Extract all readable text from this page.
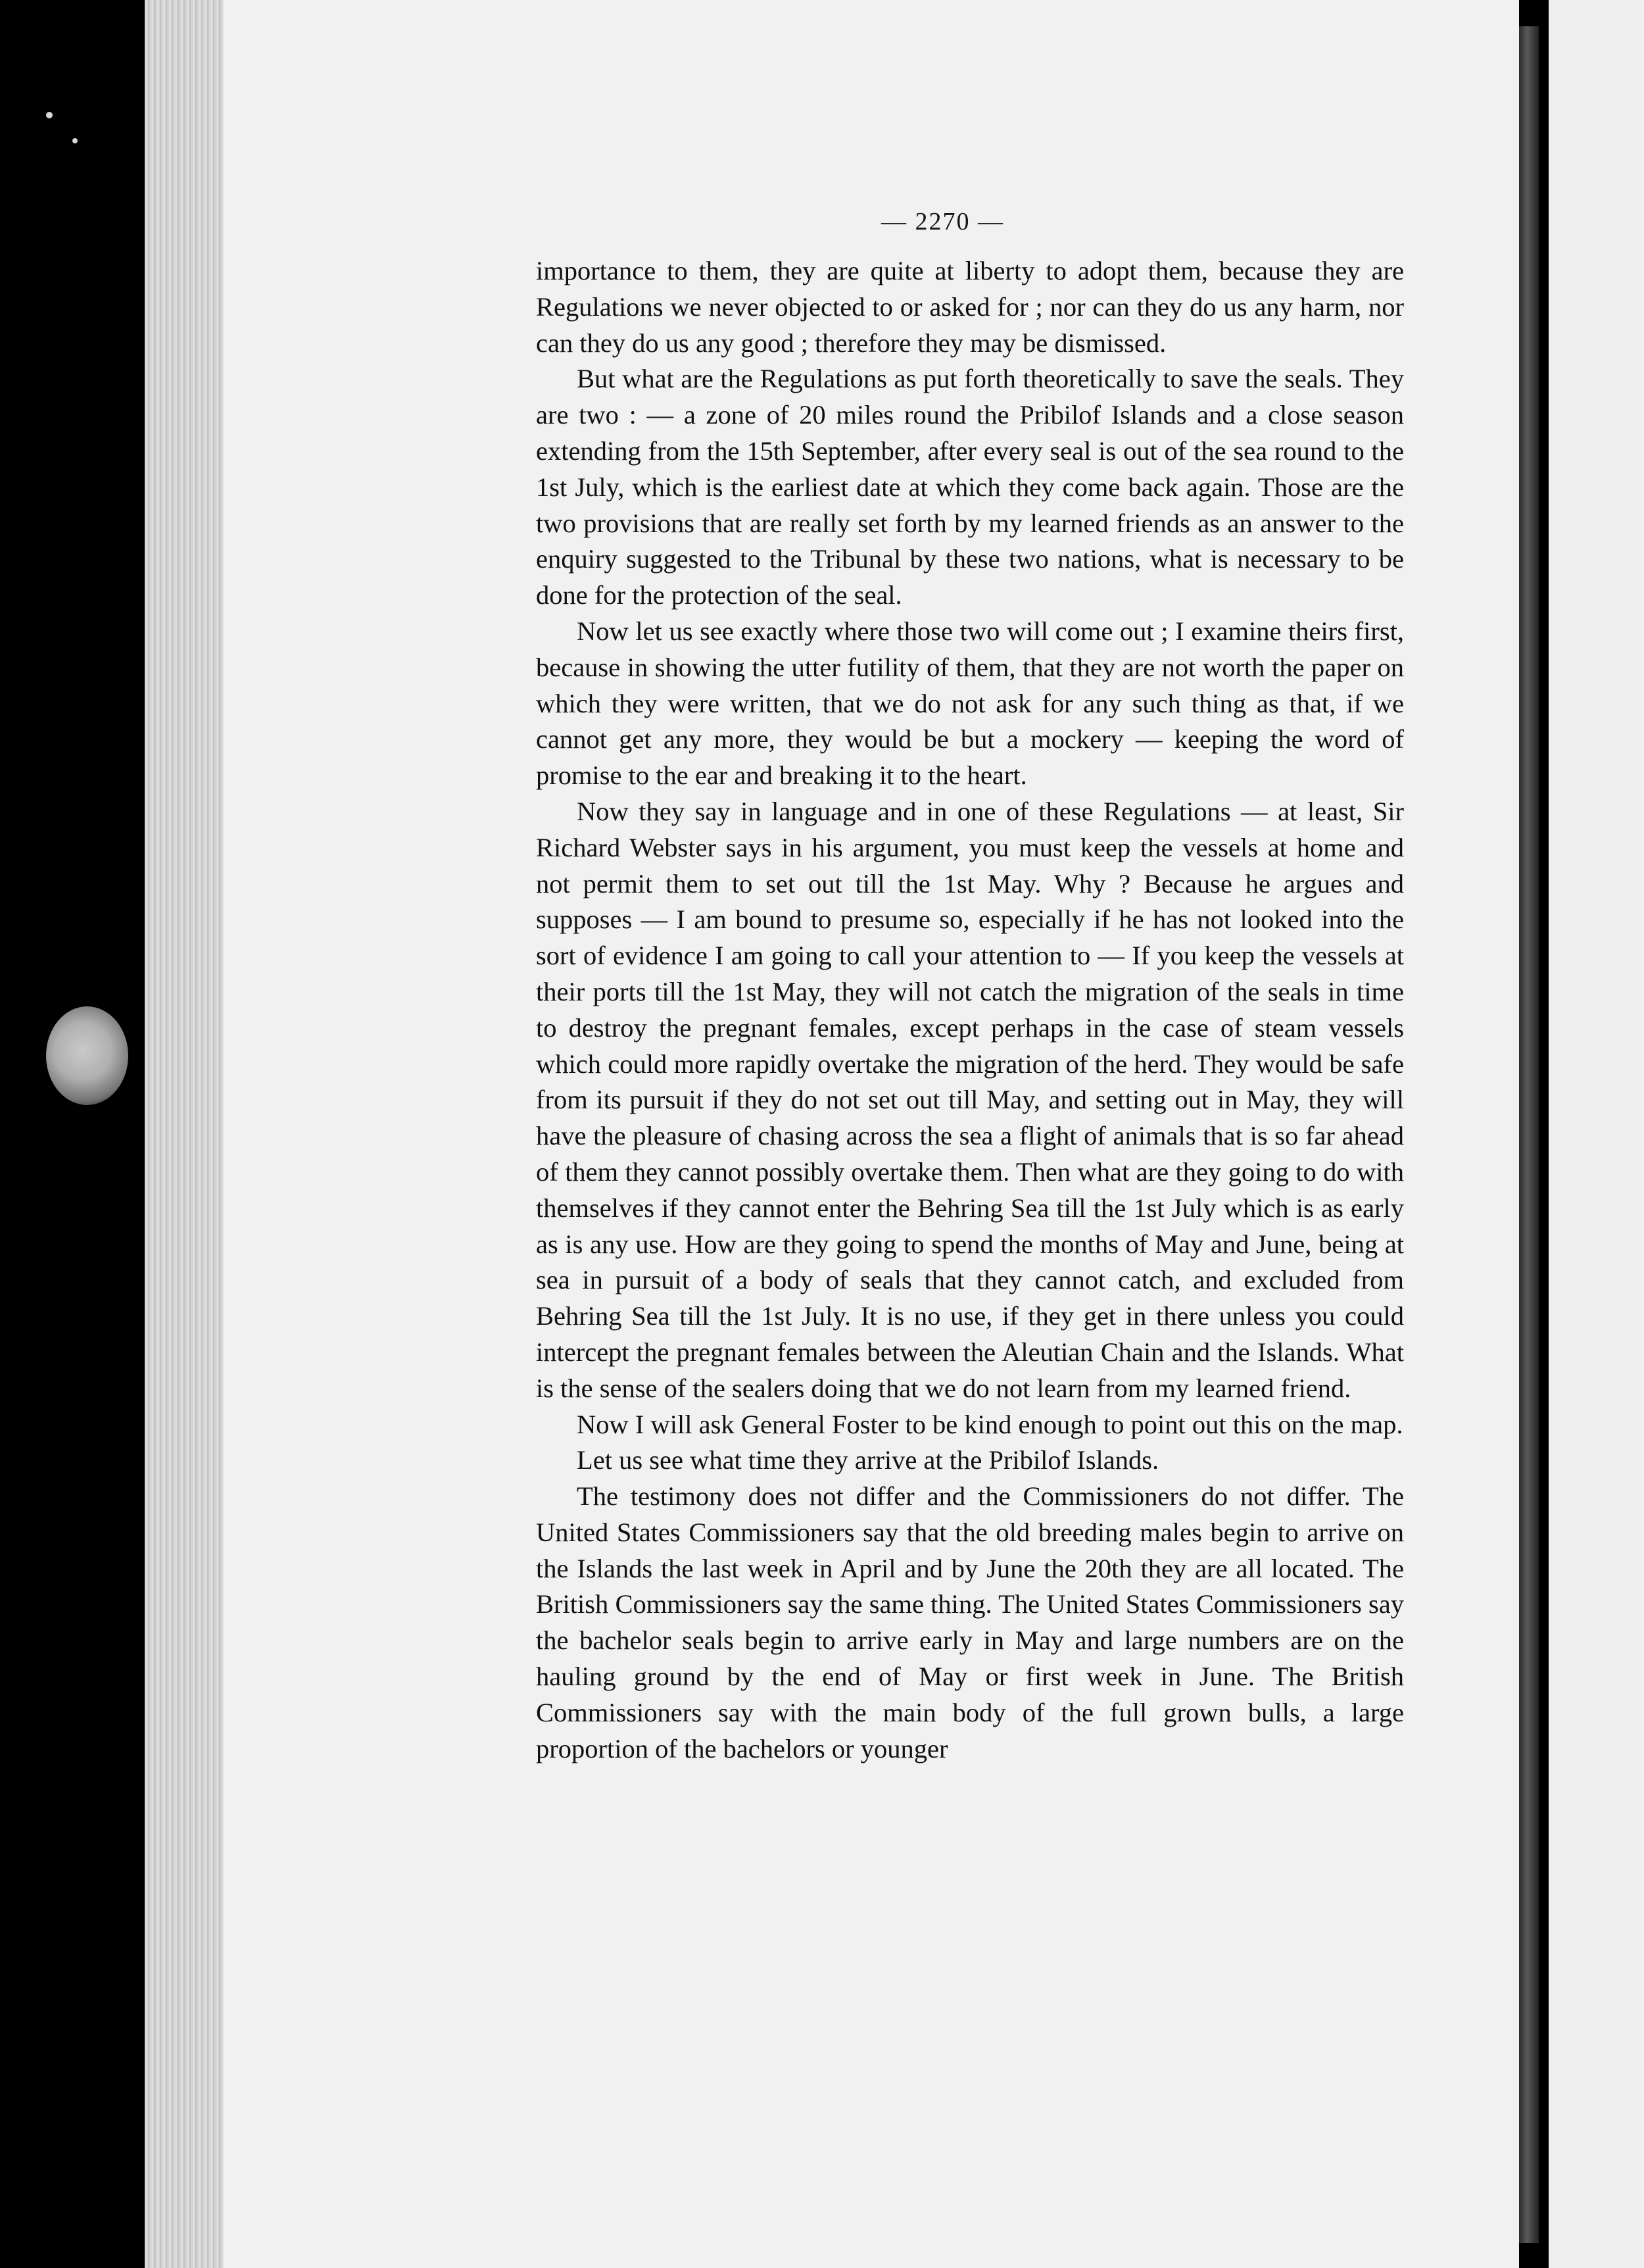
— 2270 —

importance to them, they are quite at liberty to adopt them, because they are Regulations we never objected to or asked for ; nor can they do us any harm, nor can they do us any good ; therefore they may be dismissed.

But what are the Regulations as put forth theoretically to save the seals. They are two : — a zone of 20 miles round the Pribilof Islands and a close season extending from the 15th September, after every seal is out of the sea round to the 1st July, which is the earliest date at which they come back again. Those are the two provisions that are really set forth by my learned friends as an answer to the enquiry suggested to the Tribunal by these two nations, what is necessary to be done for the protection of the seal.

Now let us see exactly where those two will come out ; I examine theirs first, because in showing the utter futility of them, that they are not worth the paper on which they were written, that we do not ask for any such thing as that, if we cannot get any more, they would be but a mockery — keeping the word of promise to the ear and breaking it to the heart.

Now they say in language and in one of these Regulations — at least, Sir Richard Webster says in his argument, you must keep the vessels at home and not permit them to set out till the 1st May. Why ? Because he argues and supposes — I am bound to presume so, especially if he has not looked into the sort of evidence I am going to call your attention to — If you keep the vessels at their ports till the 1st May, they will not catch the migration of the seals in time to destroy the pregnant females, except perhaps in the case of steam vessels which could more rapidly overtake the migration of the herd. They would be safe from its pursuit if they do not set out till May, and setting out in May, they will have the pleasure of chasing across the sea a flight of animals that is so far ahead of them they cannot possibly overtake them. Then what are they going to do with themselves if they cannot enter the Behring Sea till the 1st July which is as early as is any use. How are they going to spend the months of May and June, being at sea in pursuit of a body of seals that they cannot catch, and excluded from Behring Sea till the 1st July. It is no use, if they get in there unless you could intercept the pregnant females between the Aleutian Chain and the Islands. What is the sense of the sealers doing that we do not learn from my learned friend.

Now I will ask General Foster to be kind enough to point out this on the map.

Let us see what time they arrive at the Pribilof Islands.

The testimony does not differ and the Commissioners do not differ. The United States Commissioners say that the old breeding males begin to arrive on the Islands the last week in April and by June the 20th they are all located. The British Commissioners say the same thing. The United States Commissioners say the bachelor seals begin to arrive early in May and large numbers are on the hauling ground by the end of May or first week in June. The British Commissioners say with the main body of the full grown bulls, a large proportion of the bachelors or younger
